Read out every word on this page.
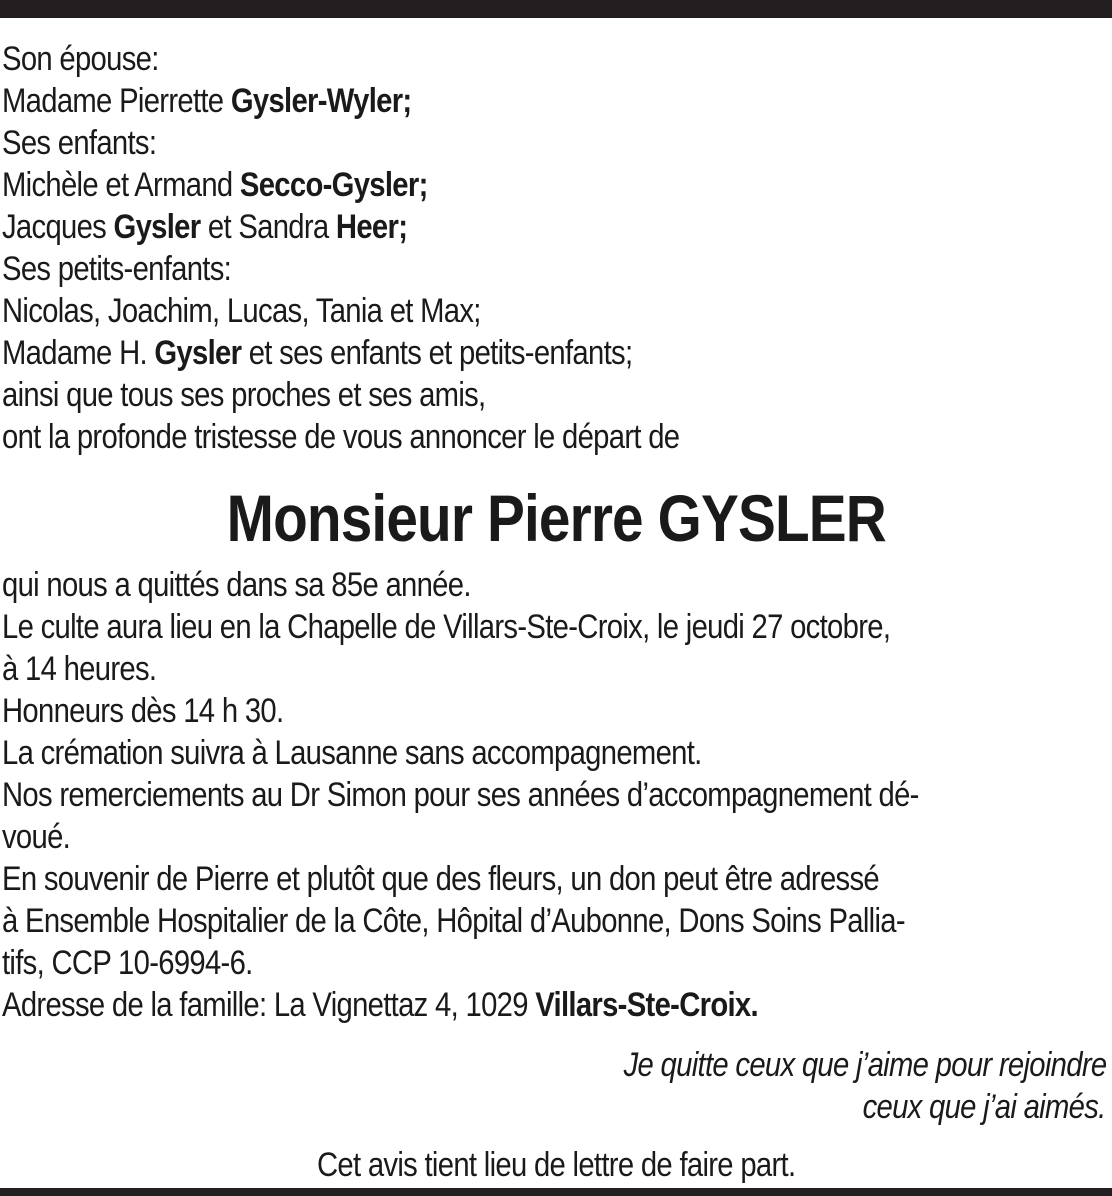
Son épouse:
Madame Pierrette Gysler-Wyler;
Ses enfants:
Michèle et Armand Secco-Gysler;
Jacques Gysler et Sandra Heer;
Ses petits-enfants:
Nicolas, Joachim, Lucas, Tania et Max;
Madame H. Gysler et ses enfants et petits-enfants;
ainsi que tous ses proches et ses amis,
ont la profonde tristesse de vous annoncer le départ de
Monsieur Pierre GYSLER
qui nous a quittés dans sa 85e année.
Le culte aura lieu en la Chapelle de Villars-Ste-Croix, le jeudi 27 octobre,
à 14 heures.
Honneurs dès 14 h 30.
La crémation suivra à Lausanne sans accompagnement.
Nos remerciements au Dr Simon pour ses années d’accompagnement dé-
voué.
En souvenir de Pierre et plutôt que des fleurs, un don peut être adressé
à Ensemble Hospitalier de la Côte, Hôpital d’Aubonne, Dons Soins Pallia-
tifs, CCP 10-6994-6.
Adresse de la famille: La Vignettaz 4, 1029 Villars-Ste-Croix.
Je quitte ceux que j’aime pour rejoindre
ceux que j’ai aimés.
Cet avis tient lieu de lettre de faire part.
